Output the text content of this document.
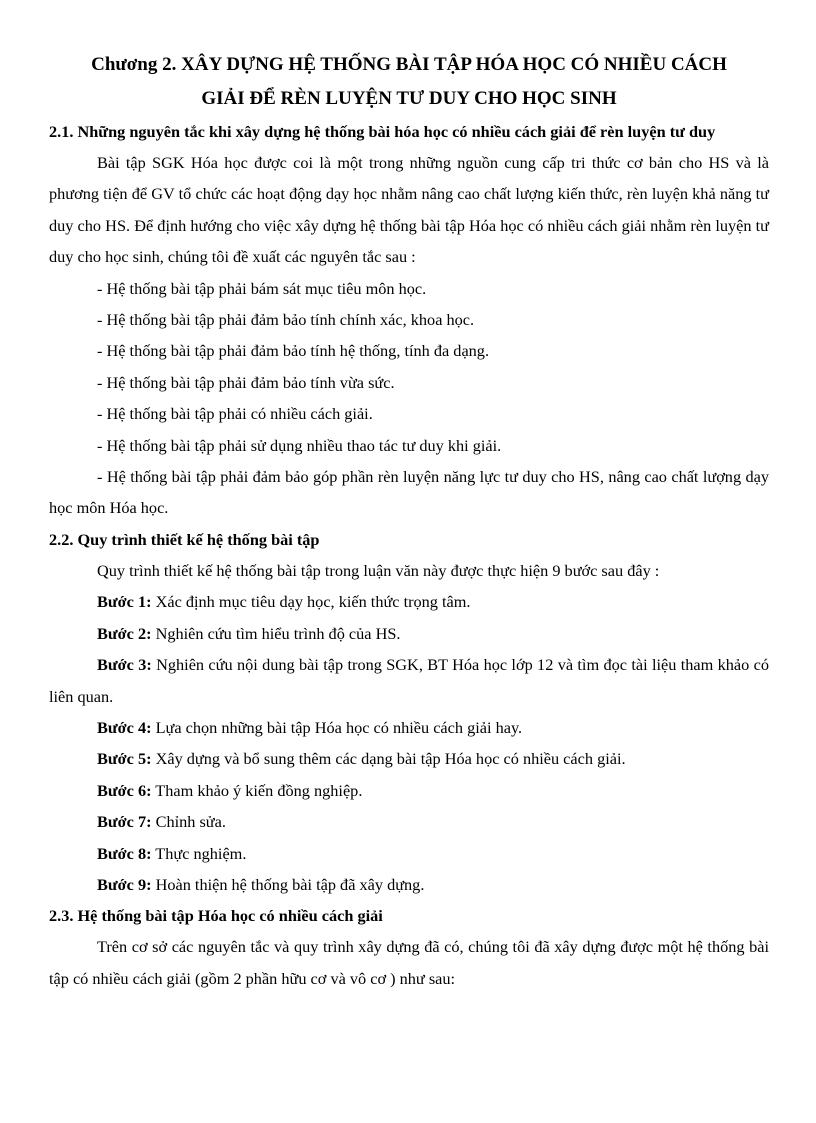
Chương 2. XÂY DỰNG HỆ THỐNG BÀI TẬP HÓA HỌC CÓ NHIỀU CÁCH
GIẢI ĐỂ RÈN LUYỆN TƯ DUY CHO HỌC SINH
2.1. Những nguyên tắc khi xây dựng hệ thống bài hóa học có nhiều cách giải để rèn luyện tư duy

Bài tập SGK Hóa học được coi là một trong những nguồn cung cấp tri thức cơ bản cho HS và là phương tiện để GV tổ chức các hoạt động dạy học nhằm nâng cao chất lượng kiến thức, rèn luyện khả năng tư duy cho HS. Để định hướng cho việc xây dựng hệ thống bài tập Hóa học có nhiều cách giải nhằm rèn luyện tư duy cho học sinh, chúng tôi đề xuất các nguyên tắc sau :

- Hệ thống bài tập phải bám sát mục tiêu môn học.

- Hệ thống bài tập phải đảm bảo tính chính xác, khoa học.

- Hệ thống bài tập phải đảm bảo tính hệ thống, tính đa dạng.

- Hệ thống bài tập phải đảm bảo tính vừa sức.

- Hệ thống bài tập phải có nhiều cách giải.

- Hệ thống bài tập phải sử dụng nhiều thao tác tư duy khi giải.

- Hệ thống bài tập phải đảm bảo góp phần rèn luyện năng lực tư duy cho HS, nâng cao chất lượng dạy học môn Hóa học.

2.2. Quy trình thiết kế hệ thống bài tập

Quy trình thiết kế hệ thống bài tập trong luận văn này được thực hiện 9 bước sau đây :

Bước 1: Xác định mục tiêu dạy học, kiến thức trọng tâm.

Bước 2: Nghiên cứu tìm hiểu trình độ của HS.

Bước 3: Nghiên cứu nội dung bài tập trong SGK, BT Hóa học lớp 12 và tìm đọc tài liệu tham khảo có liên quan.

Bước 4: Lựa chọn những bài tập Hóa học có nhiều cách giải hay.

Bước 5: Xây dựng và bổ sung thêm các dạng bài tập Hóa học có nhiều cách giải.

Bước 6: Tham khảo ý kiến đồng nghiệp.

Bước 7: Chỉnh sửa.

Bước 8: Thực nghiệm.

Bước 9: Hoàn thiện hệ thống bài tập đã xây dựng.

2.3. Hệ thống bài tập Hóa học có nhiều cách giải

Trên cơ sở các nguyên tắc và quy trình xây dựng đã có, chúng tôi đã xây dựng được một hệ thống bài tập có nhiều cách giải (gồm 2 phần hữu cơ và vô cơ ) như sau:
